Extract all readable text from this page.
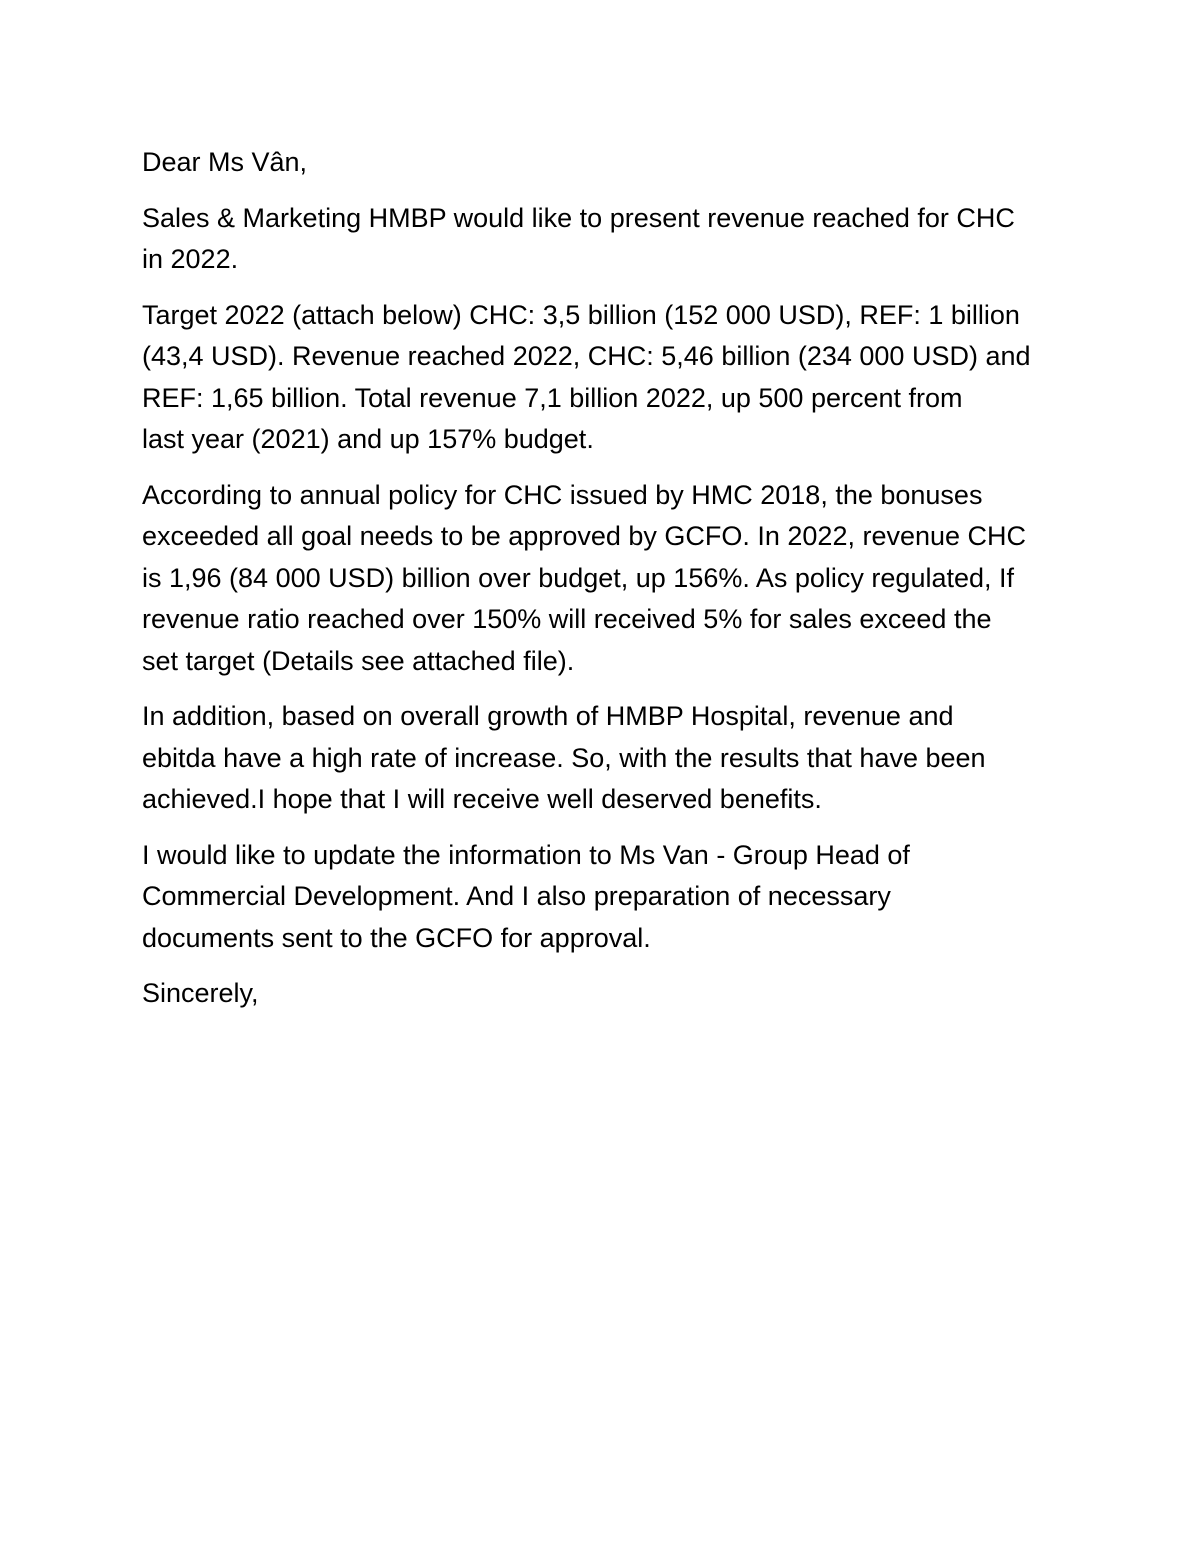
Dear Ms Vân,

Sales & Marketing HMBP would like to present revenue reached for CHC
in 2022.

Target 2022 (attach below) CHC: 3,5 billion (152 000 USD), REF: 1 billion
(43,4 USD). Revenue reached 2022, CHC: 5,46 billion (234 000 USD) and
REF: 1,65 billion. Total revenue 7,1 billion 2022, up 500 percent from
last year (2021) and up 157% budget.

According to annual policy for CHC issued by HMC 2018, the bonuses
exceeded all goal needs to be approved by GCFO. In 2022, revenue CHC
is 1,96 (84 000 USD) billion over budget, up 156%. As policy regulated, If
revenue ratio reached over 150% will received 5% for sales exceed the
set target (Details see attached file).

In addition, based on overall growth of HMBP Hospital, revenue and
ebitda have a high rate of increase. So, with the results that have been
achieved.I hope that I will receive well deserved benefits.

I would like to update the information to Ms Van - Group Head of
Commercial Development. And I also preparation of necessary
documents sent to the GCFO for approval.

Sincerely,
